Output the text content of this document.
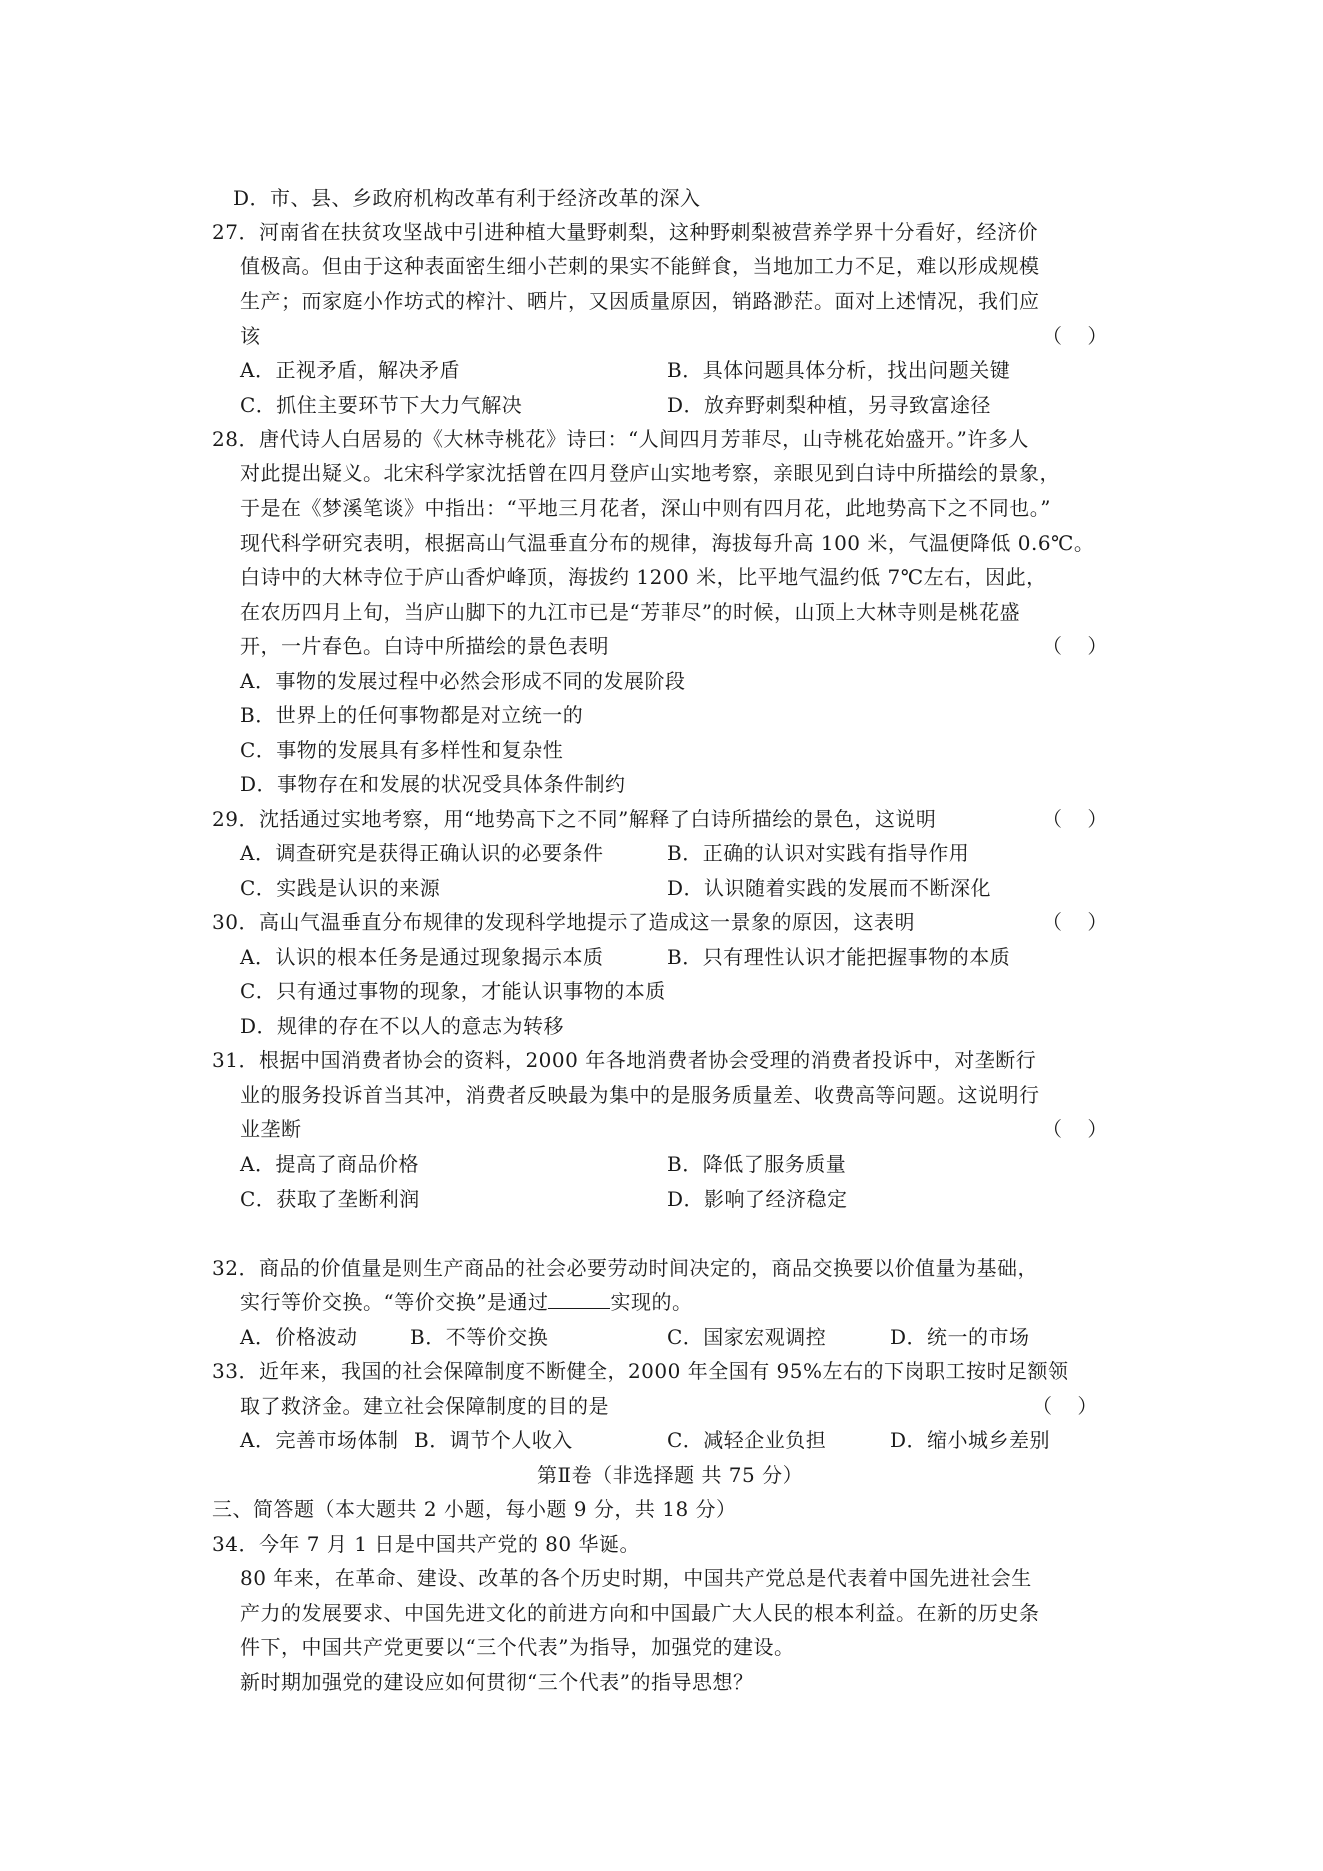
D．市、县、乡政府机构改革有利于经济改革的深入
27．河南省在扶贫攻坚战中引进种植大量野刺梨，这种野刺梨被营养学界十分看好，经济价
值极高。但由于这种表面密生细小芒刺的果实不能鲜食，当地加工力不足，难以形成规模
生产；而家庭小作坊式的榨汁、晒片，又因质量原因，销路渺茫。面对上述情况，我们应
该	（    ）
A．正视矛盾，解决矛盾	B．具体问题具体分析，找出问题关键
C．抓住主要环节下大力气解决	D．放弃野刺梨种植，另寻致富途径
28．唐代诗人白居易的《大林寺桃花》诗曰：“人间四月芳菲尽，山寺桃花始盛开。”许多人
对此提出疑义。北宋科学家沈括曾在四月登庐山实地考察，亲眼见到白诗中所描绘的景象，
于是在《梦溪笔谈》中指出：“平地三月花者，深山中则有四月花，此地势高下之不同也。”
现代科学研究表明，根据高山气温垂直分布的规律，海拔每升高 100 米，气温便降低 0.6℃。
白诗中的大林寺位于庐山香炉峰顶，海拔约 1200 米，比平地气温约低 7℃左右，因此，
在农历四月上旬，当庐山脚下的九江市已是“芳菲尽”的时候，山顶上大林寺则是桃花盛
开，一片春色。白诗中所描绘的景色表明	（    ）
A．事物的发展过程中必然会形成不同的发展阶段
B．世界上的任何事物都是对立统一的
C．事物的发展具有多样性和复杂性
D．事物存在和发展的状况受具体条件制约
29．沈括通过实地考察，用“地势高下之不同”解释了白诗所描绘的景色，这说明	（    ）
A．调查研究是获得正确认识的必要条件	B．正确的认识对实践有指导作用
C．实践是认识的来源	D．认识随着实践的发展而不断深化
30．高山气温垂直分布规律的发现科学地提示了造成这一景象的原因，这表明	（    ）
A．认识的根本任务是通过现象揭示本质	B．只有理性认识才能把握事物的本质
C．只有通过事物的现象，才能认识事物的本质
D．规律的存在不以人的意志为转移
31．根据中国消费者协会的资料，2000 年各地消费者协会受理的消费者投诉中，对垄断行
业的服务投诉首当其冲，消费者反映最为集中的是服务质量差、收费高等问题。这说明行
业垄断	（    ）
A．提高了商品价格	B．降低了服务质量
C．获取了垄断利润	D．影响了经济稳定
32．商品的价值量是则生产商品的社会必要劳动时间决定的，商品交换要以价值量为基础，
实行等价交换。“等价交换”是通过	实现的。
A．价格波动	B．不等价交换	C．国家宏观调控	D．统一的市场
33．近年来，我国的社会保障制度不断健全，2000 年全国有 95%左右的下岗职工按时足额领
取了救济金。建立社会保障制度的目的是	（    ）
A．完善市场体制 B．调节个人收入	C．减轻企业负担	D．缩小城乡差别
第Ⅱ卷（非选择题 共 75 分）
三、简答题（本大题共 2 小题，每小题 9 分，共 18 分）
34．今年 7 月 1 日是中国共产党的 80 华诞。
80 年来，在革命、建设、改革的各个历史时期，中国共产党总是代表着中国先进社会生
产力的发展要求、中国先进文化的前进方向和中国最广大人民的根本利益。在新的历史条
件下，中国共产党更要以“三个代表”为指导，加强党的建设。
新时期加强党的建设应如何贯彻“三个代表”的指导思想？
